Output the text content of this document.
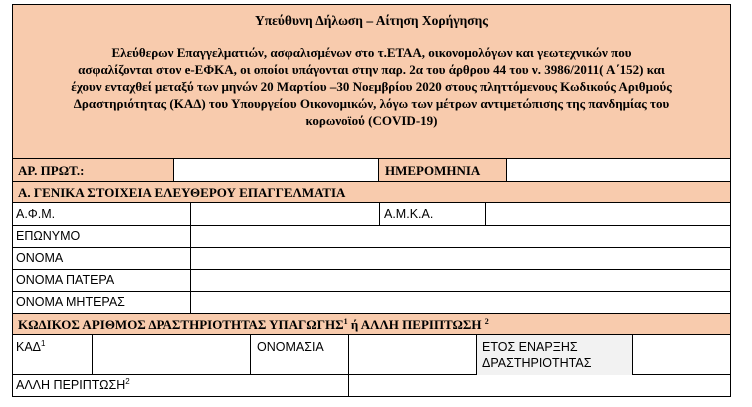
Υπεύθυνη Δήλωση – Αίτηση Χορήγησης
Ελεύθερων Επαγγελματιών, ασφαλισμένων στο τ.ΕΤΑΑ, οικονομολόγων και γεωτεχνικών που
ασφαλίζονται στον e-ΕΦΚΑ, οι οποίοι υπάγονται στην παρ. 2α του άρθρου 44 του ν. 3986/2011( Α΄152) και
έχουν ενταχθεί μεταξύ των μηνών 20 Μαρτίου –30 Νοεμβρίου 2020 στους πληττόμενους Κωδικούς Αριθμούς
Δραστηριότητας (ΚΑΔ) του Υπουργείου Οικονομικών, λόγω των μέτρων αντιμετώπισης της πανδημίας του
κορωνοϊού (COVID-19)
ΑΡ. ΠΡΩΤ.:	ΗΜΕΡΟΜΗΝΙΑ
Α. ΓΕΝΙΚΑ ΣΤΟΙΧΕΙΑ ΕΛΕΥΘΕΡΟΥ ΕΠΑΓΓΕΛΜΑΤΙΑ
Α.Φ.Μ.	Α.Μ.Κ.Α.
ΕΠΩΝΥΜΟ
ΟΝΟΜΑ
ΟΝΟΜΑ ΠΑΤΕΡΑ
ΟΝΟΜΑ ΜΗΤΕΡΑΣ
ΚΩΔΙΚΟΣ ΑΡΙΘΜΟΣ ΔΡΑΣΤΗΡΙΟΤΗΤΑΣ ΥΠΑΓΩΓΗΣ$^1$ ή ΑΛΛΗ ΠΕΡΙΠΤΩΣΗ $^2$
ΚΑΔ$^1$	ΟΝΟΜΑΣΙΑ	ΕΤΟΣ ΕΝΑΡΞΗΣ
ΔΡΑΣΤΗΡΙΟΤΗΤΑΣ
ΑΛΛΗ ΠΕΡΙΠΤΩΣΗ$^2$
